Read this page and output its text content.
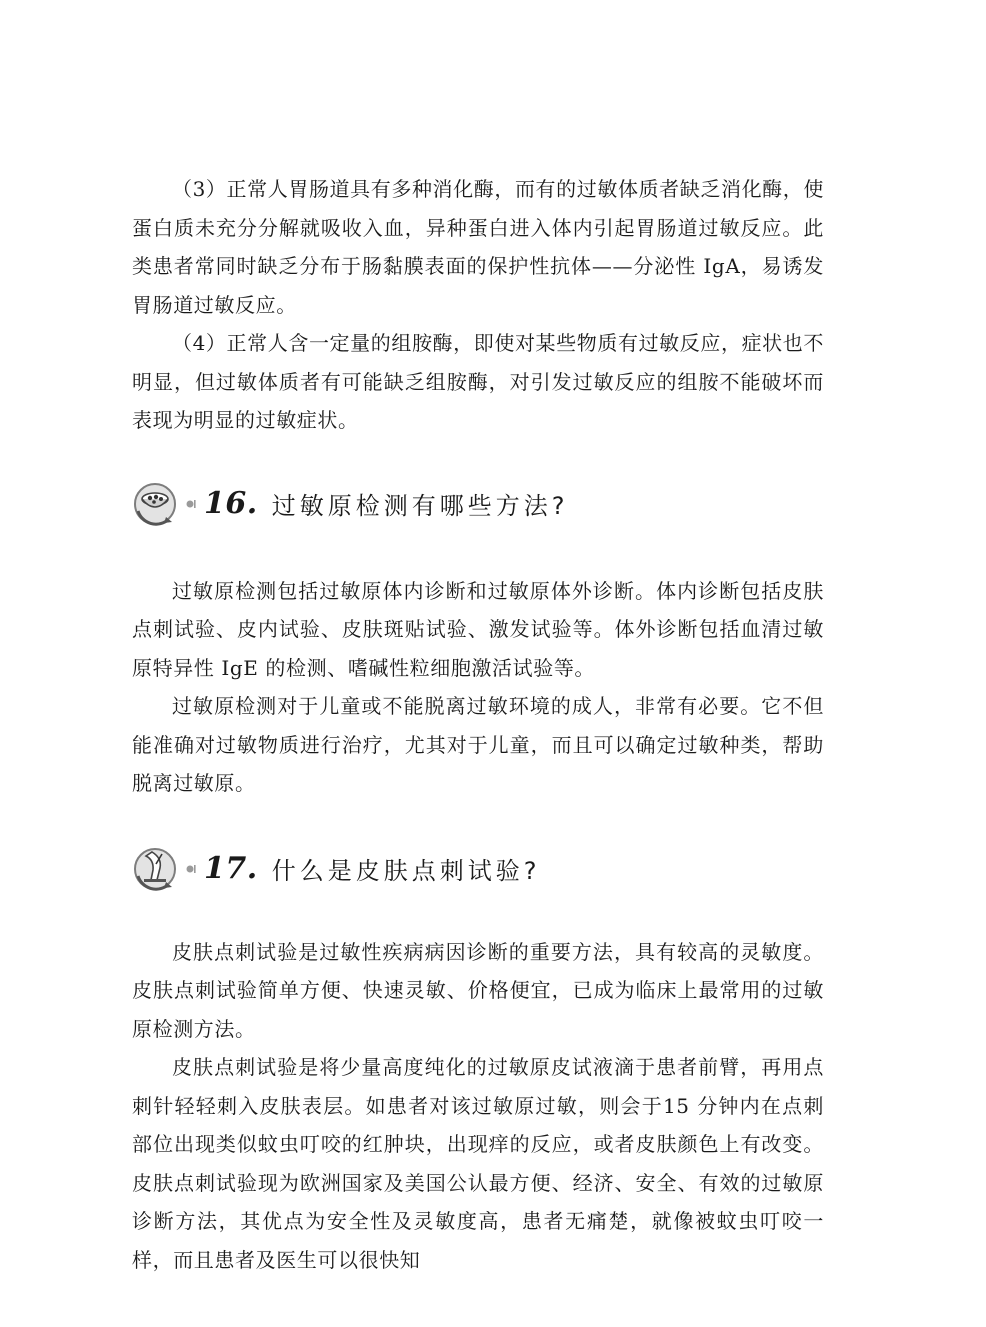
（3）正常人胃肠道具有多种消化酶，而有的过敏体质者缺乏消化酶，使蛋白质未充分分解就吸收入血，异种蛋白进入体内引起胃肠道过敏反应。此类患者常同时缺乏分布于肠黏膜表面的保护性抗体——分泌性 IgA，易诱发胃肠道过敏反应。

（4）正常人含一定量的组胺酶，即使对某些物质有过敏反应，症状也不明显，但过敏体质者有可能缺乏组胺酶，对引发过敏反应的组胺不能破坏而表现为明显的过敏症状。

16. 过敏原检测有哪些方法?

过敏原检测包括过敏原体内诊断和过敏原体外诊断。体内诊断包括皮肤点刺试验、皮内试验、皮肤斑贴试验、激发试验等。体外诊断包括血清过敏原特异性 IgE 的检测、嗜碱性粒细胞激活试验等。

过敏原检测对于儿童或不能脱离过敏环境的成人，非常有必要。它不但能准确对过敏物质进行治疗，尤其对于儿童，而且可以确定过敏种类，帮助脱离过敏原。

17. 什么是皮肤点刺试验?

皮肤点刺试验是过敏性疾病病因诊断的重要方法，具有较高的灵敏度。皮肤点刺试验简单方便、快速灵敏、价格便宜，已成为临床上最常用的过敏原检测方法。

皮肤点刺试验是将少量高度纯化的过敏原皮试液滴于患者前臂，再用点刺针轻轻刺入皮肤表层。如患者对该过敏原过敏，则会于15 分钟内在点刺部位出现类似蚊虫叮咬的红肿块，出现痒的反应，或者皮肤颜色上有改变。皮肤点刺试验现为欧洲国家及美国公认最方便、经济、安全、有效的过敏原诊断方法，其优点为安全性及灵敏度高，患者无痛楚，就像被蚊虫叮咬一样，而且患者及医生可以很快知
